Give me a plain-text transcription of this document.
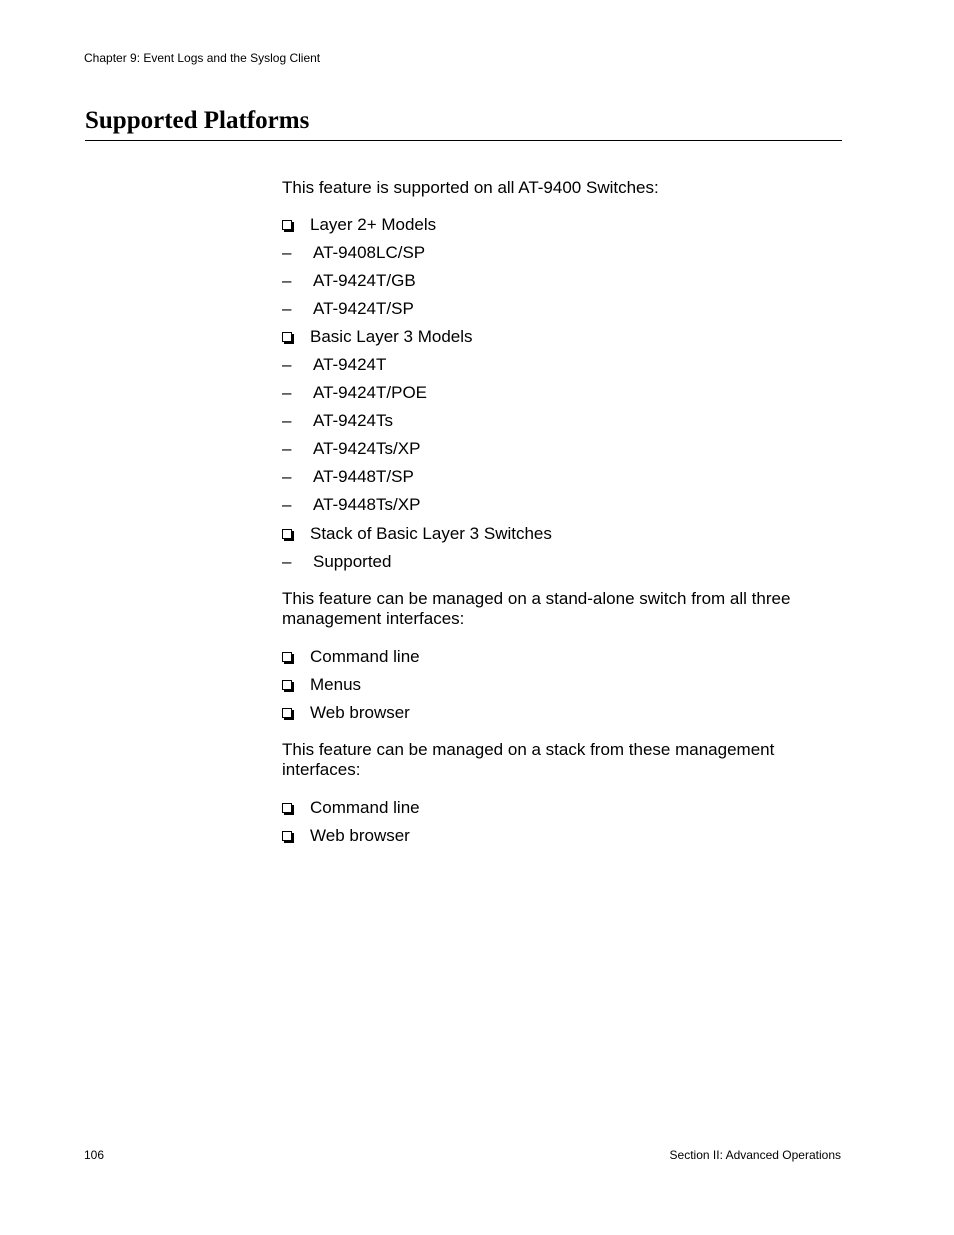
Chapter 9: Event Logs and the Syslog Client
Supported Platforms

This feature is supported on all AT-9400 Switches:

Layer 2+ Models
– AT-9408LC/SP
– AT-9424T/GB
– AT-9424T/SP
Basic Layer 3 Models
– AT-9424T
– AT-9424T/POE
– AT-9424Ts
– AT-9424Ts/XP
– AT-9448T/SP
– AT-9448Ts/XP
Stack of Basic Layer 3 Switches
– Supported

This feature can be managed on a stand-alone switch from all three management interfaces:

Command line
Menus
Web browser

This feature can be managed on a stack from these management interfaces:

Command line
Web browser
106	Section II: Advanced Operations
